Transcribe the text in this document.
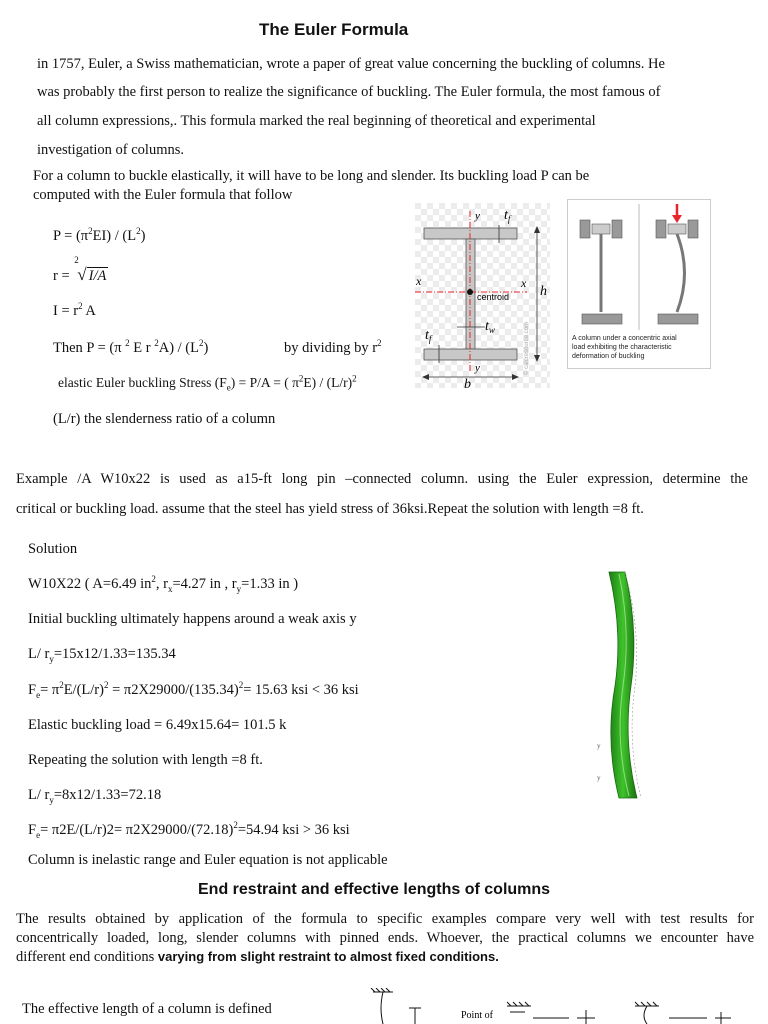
The Euler Formula
in 1757, Euler, a Swiss mathematician, wrote a paper of great value concerning the buckling of columns. He
was probably the first person to realize the significance of buckling. The Euler formula, the most famous of
all column expressions,. This formula marked the real beginning of theoretical and experimental
investigation of columns.
For a column to buckle elastically, it will have to be long and slender. Its buckling load P can be
computed with the Euler formula that follow
$P = (\pi^2EI) / (L^2)$
r =
2
√ I/A
$I = r^2$ A
Then P = (π $^2$ E r $^2A) / (L^2)$	by dividing by $r^2$
elastic Euler buckling Stress $(F_e) = P/A$ = ( $\pi^2E) / (L/r)^2$
(L/r) the slenderness ratio of a column
y $t_f$
x	x
centroid
$t_w$
$t_f$
y
h
b
© calcresource.com	A column under a concentric axial
load exhibiting the characteristic
deformation of buckling
Example /A W10x22 is used as a15-ft long pin –connected column. using the Euler expression, determine the
critical or buckling load. assume that the steel has yield stress of 36ksi.Repeat the solution with length =8 ft.
Solution
W10X22 ( A=6.49 $in^2$, $r_x=4.27$ in , $r_y=1.33$ in )
Initial buckling ultimately happens around a weak axis y
L/ $r_y=15x12/1.33=135.34$
$F_e= \pi^2E/(L/r)^2 = \pi 2X29000/(135.34)^2= 15.63$ ksi < 36 ksi
Elastic buckling load = 6.49x15.64= 101.5 k
Repeating the solution with length =8 ft.
L/ $r_y=8x12/1.33=72.18$
$F_e= \pi 2E/(L/r)2= \pi 2X29000/(72.18)^2=54.94$ ksi > 36 ksi
Column is inelastic range and Euler equation is not applicable
y
y
End restraint and effective lengths of columns
The results obtained by application of the formula to specific examples compare very well with test results for
concentrically loaded, long, slender columns with pinned ends. Whoever, the practical columns we encounter have
different end conditions varying from slight restraint to almost fixed conditions.
The effective length of a column is defined	Point of
